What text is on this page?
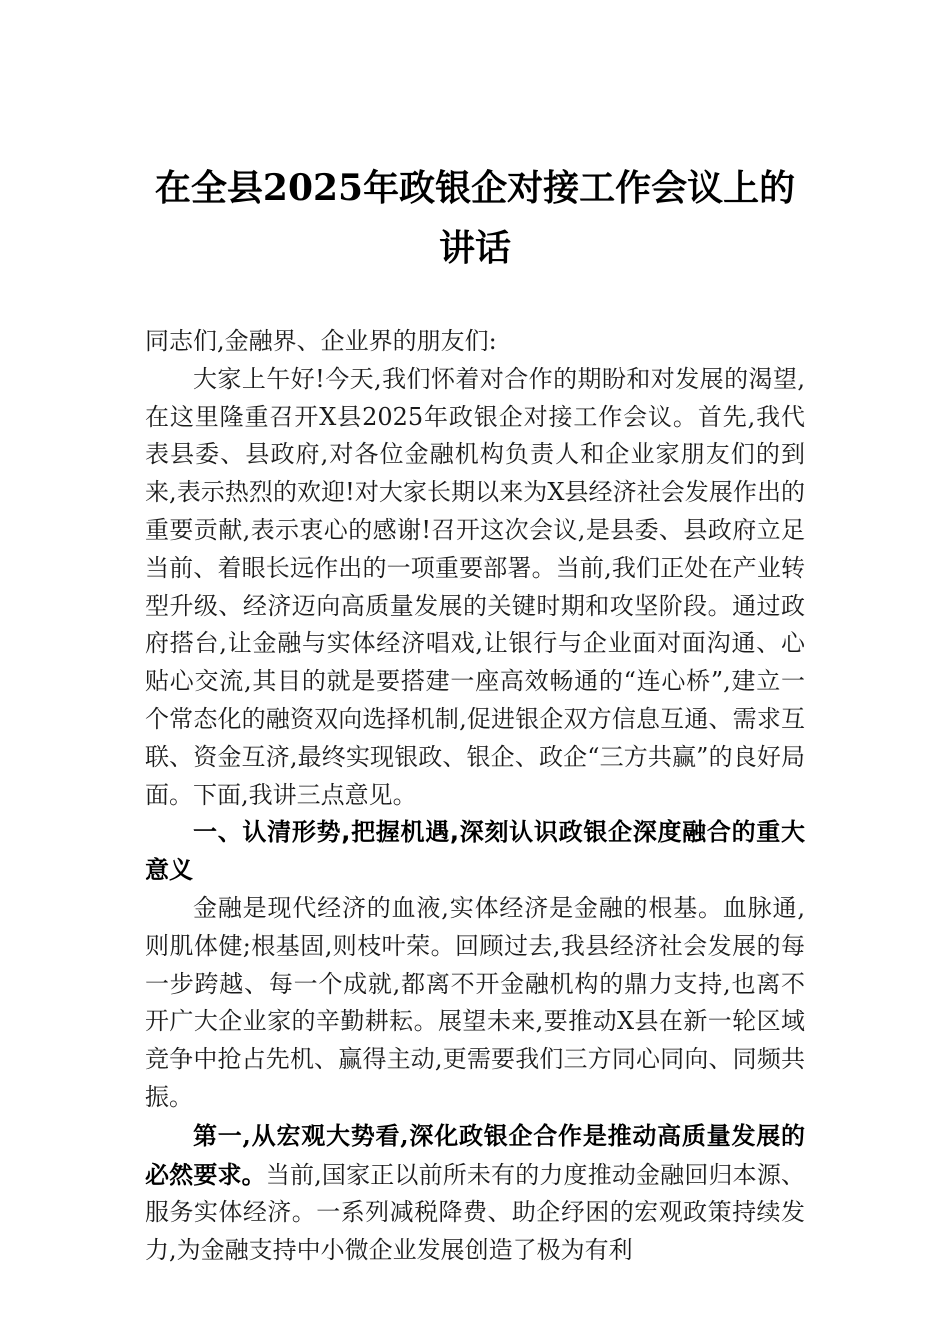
在全县2025年政银企对接工作会议上的讲话

同志们,金融界、企业界的朋友们:

大家上午好!今天,我们怀着对合作的期盼和对发展的渴望,在这里隆重召开X县2025年政银企对接工作会议。首先,我代表县委、县政府,对各位金融机构负责人和企业家朋友们的到来,表示热烈的欢迎!对大家长期以来为X县经济社会发展作出的重要贡献,表示衷心的感谢!召开这次会议,是县委、县政府立足当前、着眼长远作出的一项重要部署。当前,我们正处在产业转型升级、经济迈向高质量发展的关键时期和攻坚阶段。通过政府搭台,让金融与实体经济唱戏,让银行与企业面对面沟通、心贴心交流,其目的就是要搭建一座高效畅通的“连心桥”,建立一个常态化的融资双向选择机制,促进银企双方信息互通、需求互联、资金互济,最终实现银政、银企、政企“三方共赢”的良好局面。下面,我讲三点意见。

一、认清形势,把握机遇,深刻认识政银企深度融合的重大意义

金融是现代经济的血液,实体经济是金融的根基。血脉通,则肌体健;根基固,则枝叶荣。回顾过去,我县经济社会发展的每一步跨越、每一个成就,都离不开金融机构的鼎力支持,也离不开广大企业家的辛勤耕耘。展望未来,要推动X县在新一轮区域竞争中抢占先机、赢得主动,更需要我们三方同心同向、同频共振。

第一,从宏观大势看,深化政银企合作是推动高质量发展的必然要求。当前,国家正以前所未有的力度推动金融回归本源、服务实体经济。一系列减税降费、助企纾困的宏观政策持续发力,为金融支持中小微企业发展创造了极为有利
